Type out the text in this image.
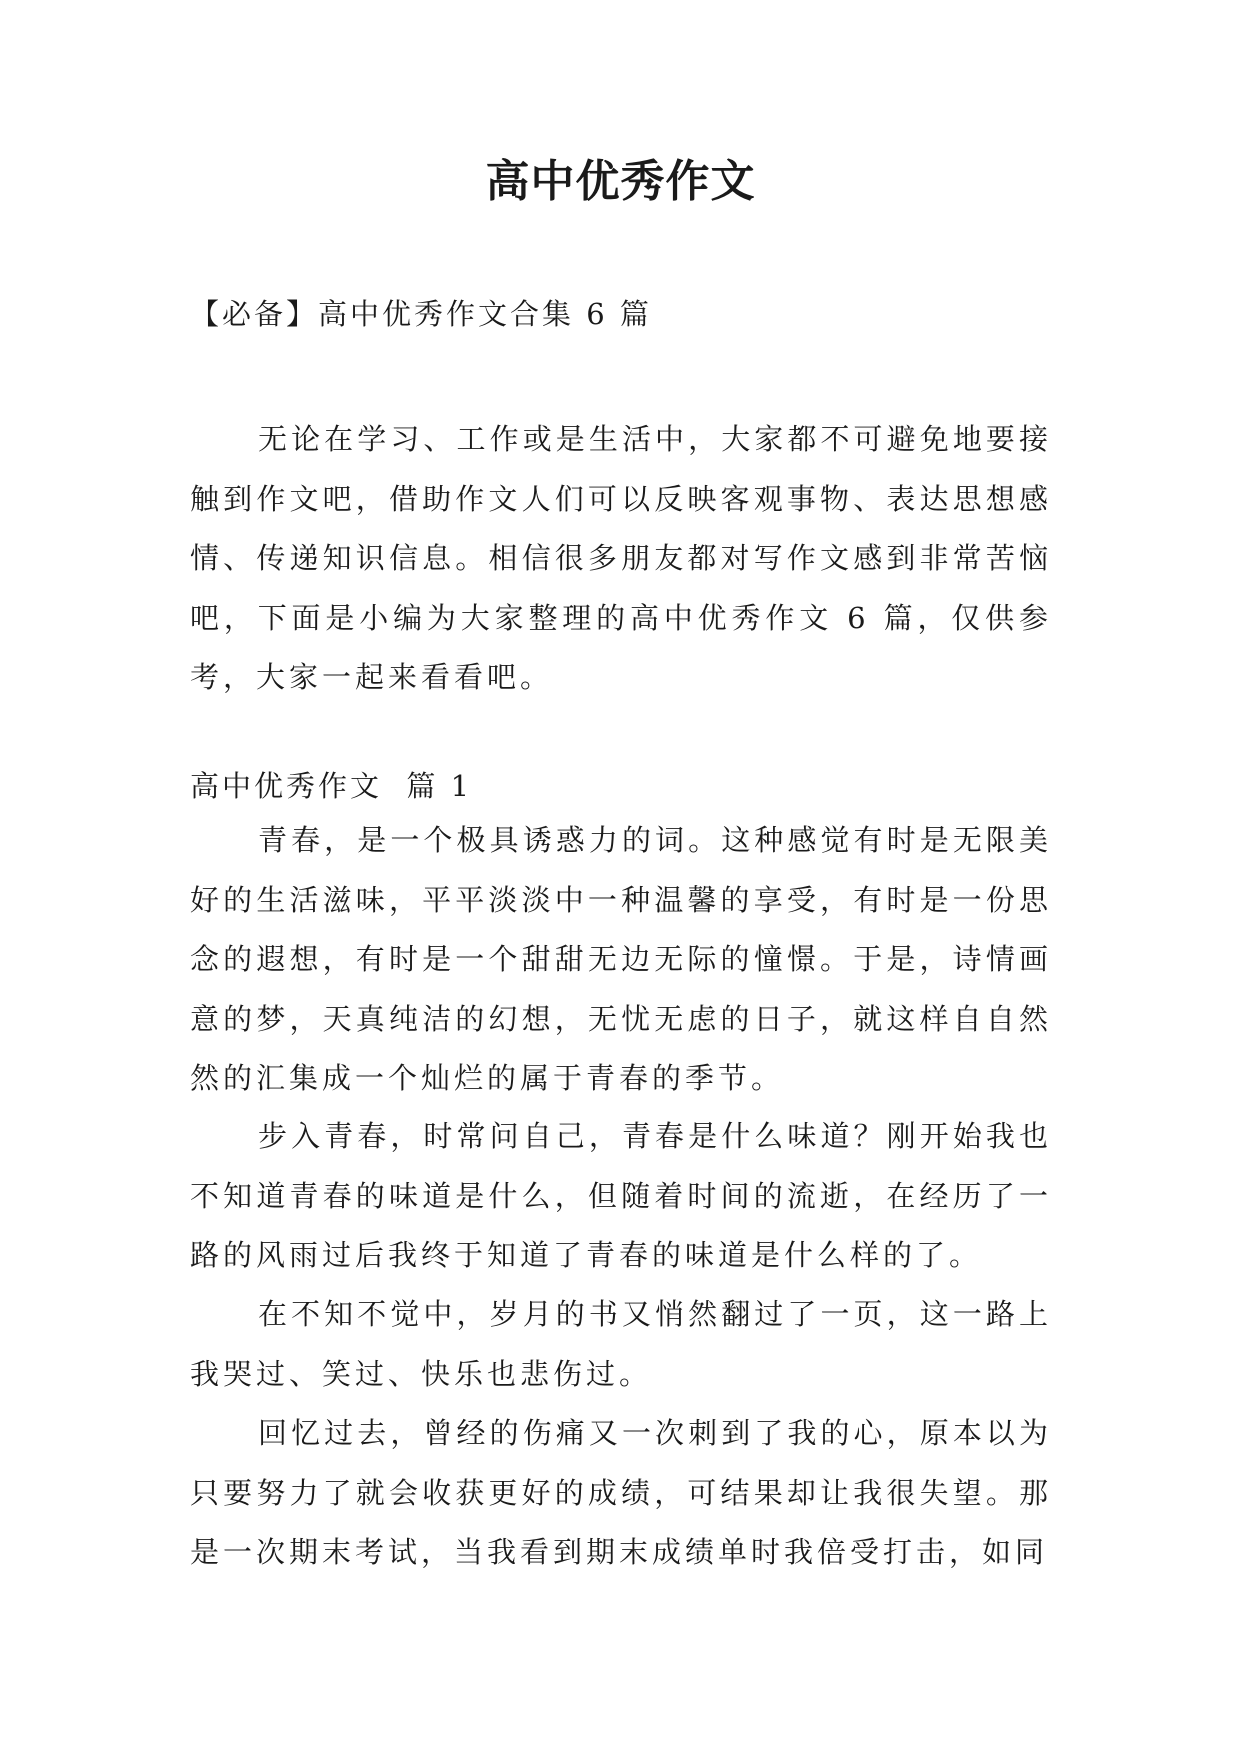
高中优秀作文

【必备】高中优秀作文合集 6 篇

无论在学习、工作或是生活中，大家都不可避免地要接触到作文吧，借助作文人们可以反映客观事物、表达思想感情、传递知识信息。相信很多朋友都对写作文感到非常苦恼吧，下面是小编为大家整理的高中优秀作文 6 篇，仅供参考，大家一起来看看吧。

高中优秀作文  篇 1

青春，是一个极具诱惑力的词。这种感觉有时是无限美好的生活滋味，平平淡淡中一种温馨的享受，有时是一份思念的遐想，有时是一个甜甜无边无际的憧憬。于是，诗情画意的梦，天真纯洁的幻想，无忧无虑的日子，就这样自自然然的汇集成一个灿烂的属于青春的季节。

步入青春，时常问自己，青春是什么味道？刚开始我也不知道青春的味道是什么，但随着时间的流逝，在经历了一路的风雨过后我终于知道了青春的味道是什么样的了。

在不知不觉中，岁月的书又悄然翻过了一页，这一路上我哭过、笑过、快乐也悲伤过。

回忆过去，曾经的伤痛又一次刺到了我的心，原本以为只要努力了就会收获更好的成绩，可结果却让我很失望。那是一次期末考试，当我看到期末成绩单时我倍受打击，如同
